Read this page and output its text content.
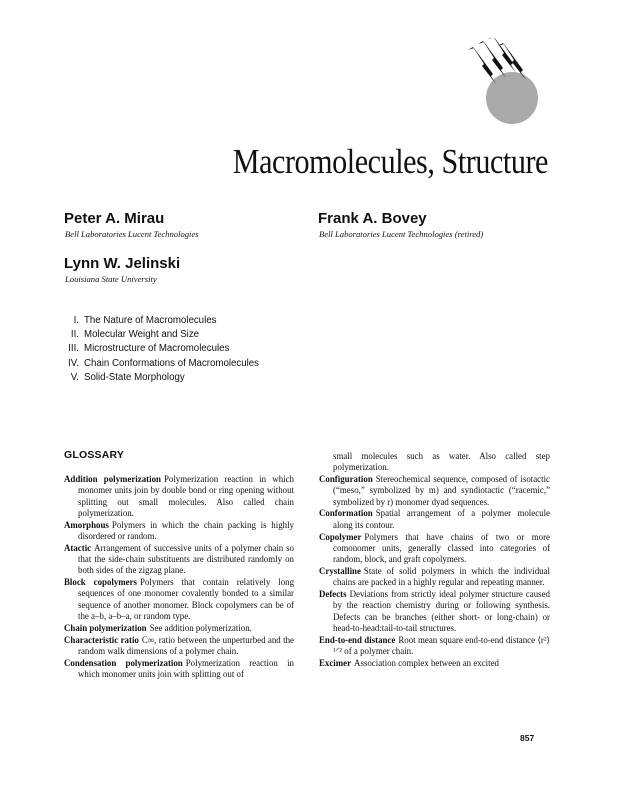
Macromolecules, Structure

Peter A. Mirau

Bell Laboratories Lucent Technologies

Frank A. Bovey

Bell Laboratories Lucent Technologies (retired)

Lynn W. Jelinski

Louisiana State University

I. The Nature of Macromolecules
II. Molecular Weight and Size
III. Microstructure of Macromolecules
IV. Chain Conformations of Macromolecules
V. Solid-State Morphology
GLOSSARY

Addition polymerization Polymerization reaction in which monomer units join by double bond or ring opening without splitting out small molecules. Also called chain polymerization.

Amorphous Polymers in which the chain packing is highly disordered or random.

Atactic Arrangement of successive units of a polymer chain so that the side-chain substituents are distributed randomly on both sides of the zigzag plane.

Block copolymers Polymers that contain relatively long sequences of one monomer covalently bonded to a similar sequence of another monomer. Block copolymers can be of the a–b, a–b–a, or random type.

Chain polymerization See addition polymerization.

Characteristic ratio C∞, ratio between the unperturbed and the random walk dimensions of a polymer chain.

Condensation polymerization Polymerization reaction in which monomer units join with splitting out of

small molecules such as water. Also called step polymerization.

Configuration Stereochemical sequence, composed of isotactic (“meso,” symbolized by m) and syndiotactic (“racemic,” symbolized by r) monomer dyad sequences.

Conformation Spatial arrangement of a polymer molecule along its contour.

Copolymer Polymers that have chains of two or more comonomer units, generally classed into categories of random, block, and graft copolymers.

Crystalline State of solid polymers in which the individual chains are packed in a highly regular and repeating manner.

Defects Deviations from strictly ideal polymer structure caused by the reaction chemistry during or following synthesis. Defects can be branches (either short- or long-chain) or head-to-head:tail-to-tail structures.

End-to-end distance Root mean square end-to-end distance ⟨r²⟩¹ᐟ² of a polymer chain.

Excimer Association complex between an excited

857
